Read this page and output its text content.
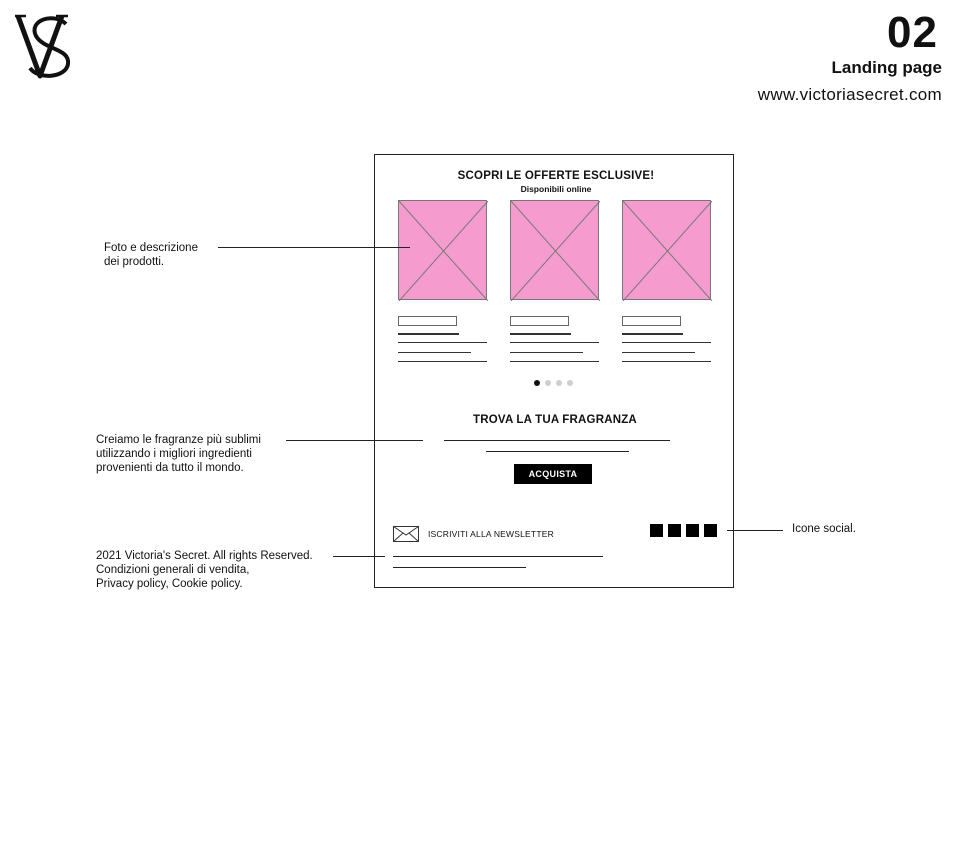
02
Landing page
www.victoriasecret.com
SCOPRI LE OFFERTE ESCLUSIVE!
Disponibili online
TROVA LA TUA FRAGRANZA
ACQUISTA
ISCRIVITI ALLA NEWSLETTER
Foto e descrizione
dei prodotti.
Creiamo le fragranze più sublimi
utilizzando i migliori ingredienti
provenienti da tutto il mondo.
2021 Victoria's Secret. All rights Reserved.
Condizioni generali di vendita,
Privacy policy, Cookie policy.
Icone social.
